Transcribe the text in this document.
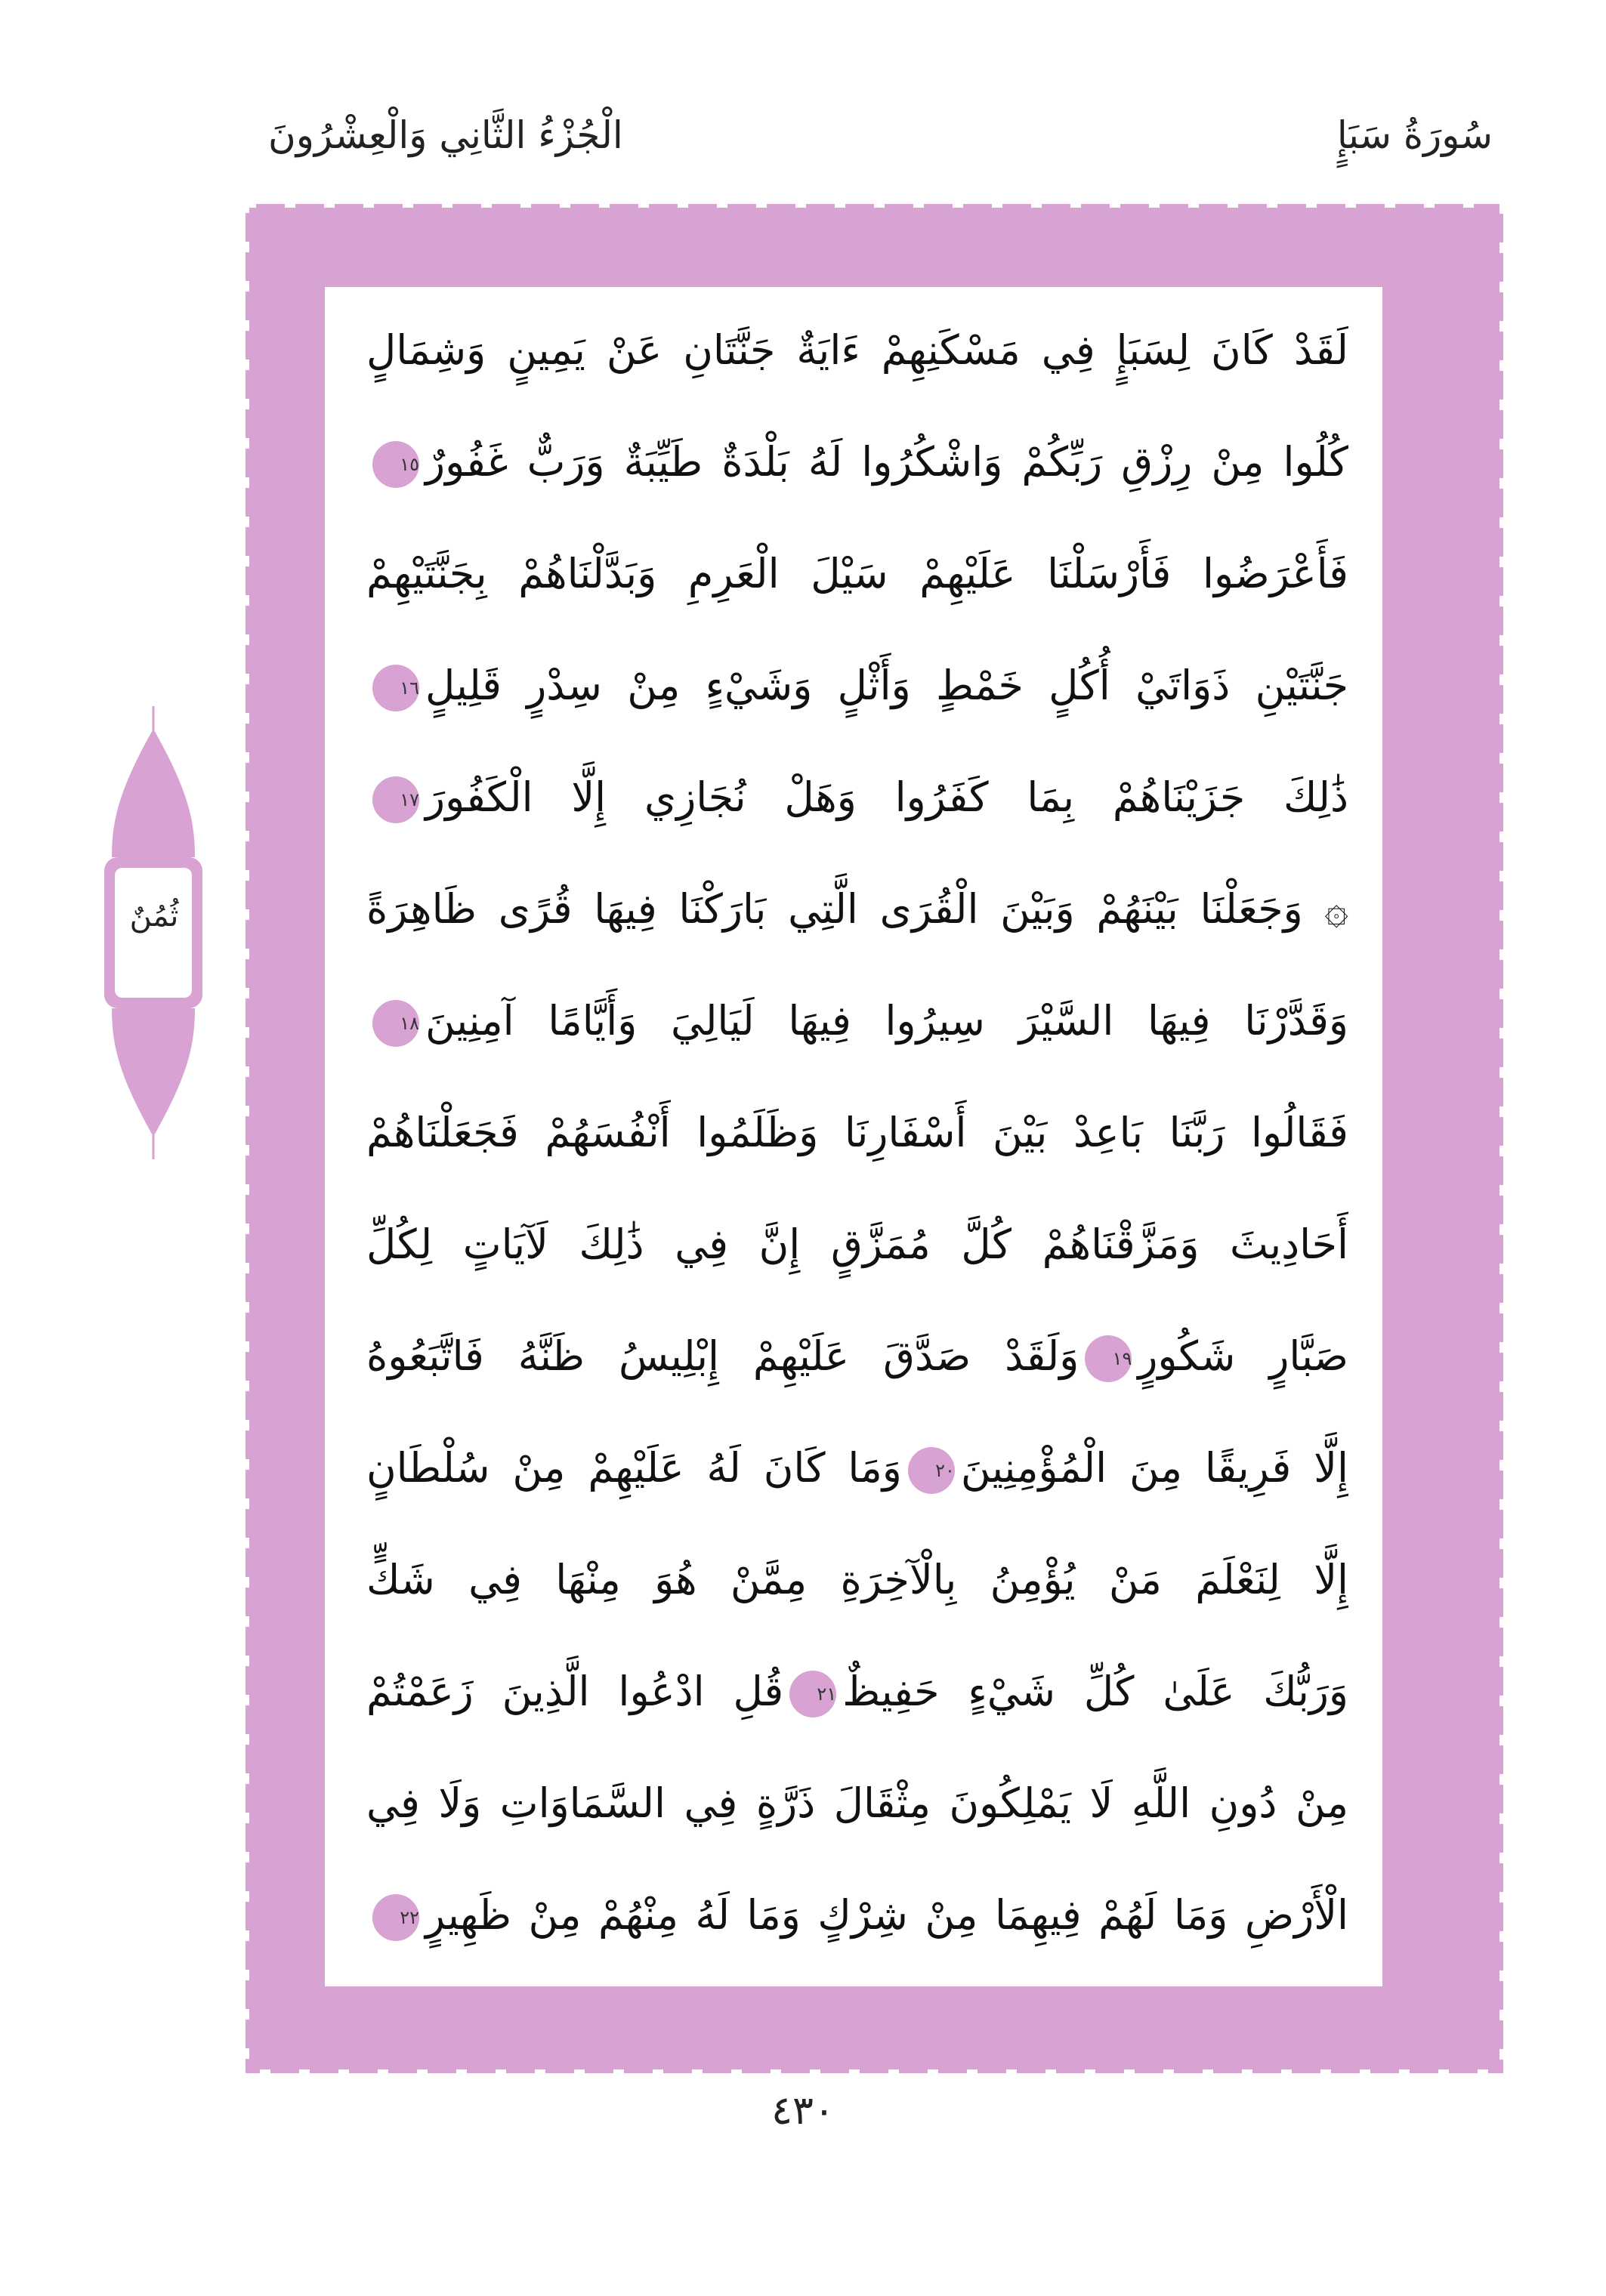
الْجُزْءُ الثَّانِي وَالْعِشْرُونَ	سُورَةُ سَبَإٍ
لَقَدْ كَانَ لِسَبَإٍ فِي مَسْكَنِهِمْ ءَايَةٌ جَنَّتَانِ عَنْ يَمِينٍ وَشِمَالٍ
كُلُوا مِنْ رِزْقِ رَبِّكُمْ وَاشْكُرُوا لَهُ بَلْدَةٌ طَيِّبَةٌ وَرَبٌّ غَفُورٌ١٥
فَأَعْرَضُوا فَأَرْسَلْنَا عَلَيْهِمْ سَيْلَ الْعَرِمِ وَبَدَّلْنَاهُمْ بِجَنَّتَيْهِمْ
جَنَّتَيْنِ ذَوَاتَيْ أُكُلٍ خَمْطٍ وَأَثْلٍ وَشَيْءٍ مِنْ سِدْرٍ قَلِيلٍ١٦
ذَٰلِكَ جَزَيْنَاهُمْ بِمَا كَفَرُوا وَهَلْ نُجَازِي إِلَّا الْكَفُورَ١٧
۞ وَجَعَلْنَا بَيْنَهُمْ وَبَيْنَ الْقُرَى الَّتِي بَارَكْنَا فِيهَا قُرًى ظَاهِرَةً
وَقَدَّرْنَا فِيهَا السَّيْرَ سِيرُوا فِيهَا لَيَالِيَ وَأَيَّامًا آمِنِينَ١٨
فَقَالُوا رَبَّنَا بَاعِدْ بَيْنَ أَسْفَارِنَا وَظَلَمُوا أَنْفُسَهُمْ فَجَعَلْنَاهُمْ
أَحَادِيثَ وَمَزَّقْنَاهُمْ كُلَّ مُمَزَّقٍ إِنَّ فِي ذَٰلِكَ لَآيَاتٍ لِكُلِّ
صَبَّارٍ شَكُورٍ١٩وَلَقَدْ صَدَّقَ عَلَيْهِمْ إِبْلِيسُ ظَنَّهُ فَاتَّبَعُوهُ
إِلَّا فَرِيقًا مِنَ الْمُؤْمِنِينَ٢٠وَمَا كَانَ لَهُ عَلَيْهِمْ مِنْ سُلْطَانٍ
إِلَّا لِنَعْلَمَ مَنْ يُؤْمِنُ بِالْآخِرَةِ مِمَّنْ هُوَ مِنْهَا فِي شَكٍّ
وَرَبُّكَ عَلَىٰ كُلِّ شَيْءٍ حَفِيظٌ٢١قُلِ ادْعُوا الَّذِينَ زَعَمْتُمْ
مِنْ دُونِ اللَّهِ لَا يَمْلِكُونَ مِثْقَالَ ذَرَّةٍ فِي السَّمَاوَاتِ وَلَا فِي
الْأَرْضِ وَمَا لَهُمْ فِيهِمَا مِنْ شِرْكٍ وَمَا لَهُ مِنْهُمْ مِنْ ظَهِيرٍ٢٢
ثُمُنٌ
٤٣٠
